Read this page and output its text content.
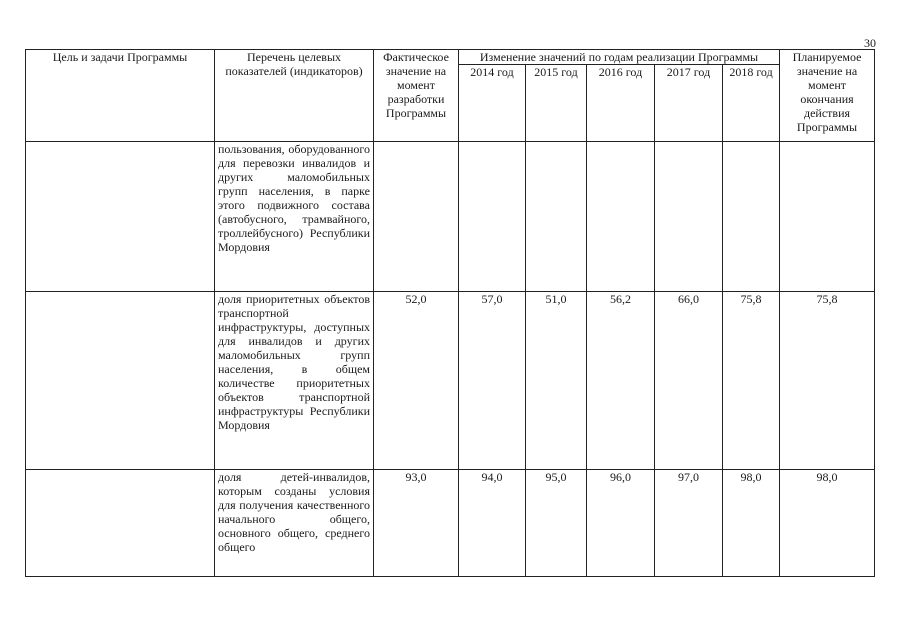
30
Цель и задачи Программы	Перечень целевых показателей (индикаторов)	Фактическое значение на момент разработки Программы	Изменение значений по годам реализации Программы					Планируемое значение на момент окончания действия Программы
			2014 год	2015 год	2016 год	2017 год	2018 год	
	пользования, оборудованного для перевозки инвалидов и других маломобильных групп населения, в парке этого подвижного состава (автобусного, трамвайного, троллейбусного) Республики Мордовия							
	доля приоритетных объектов транспортной инфраструктуры, доступных для инвалидов и других маломобильных групп населения, в общем количестве приоритетных объектов транспортной инфраструктуры Республики Мордовия	52,0	57,0	51,0	56,2	66,0	75,8	75,8
	доля детей-инвалидов, которым созданы условия для получения качественного начального общего, основного общего, среднего общего	93,0	94,0	95,0	96,0	97,0	98,0	98,0
